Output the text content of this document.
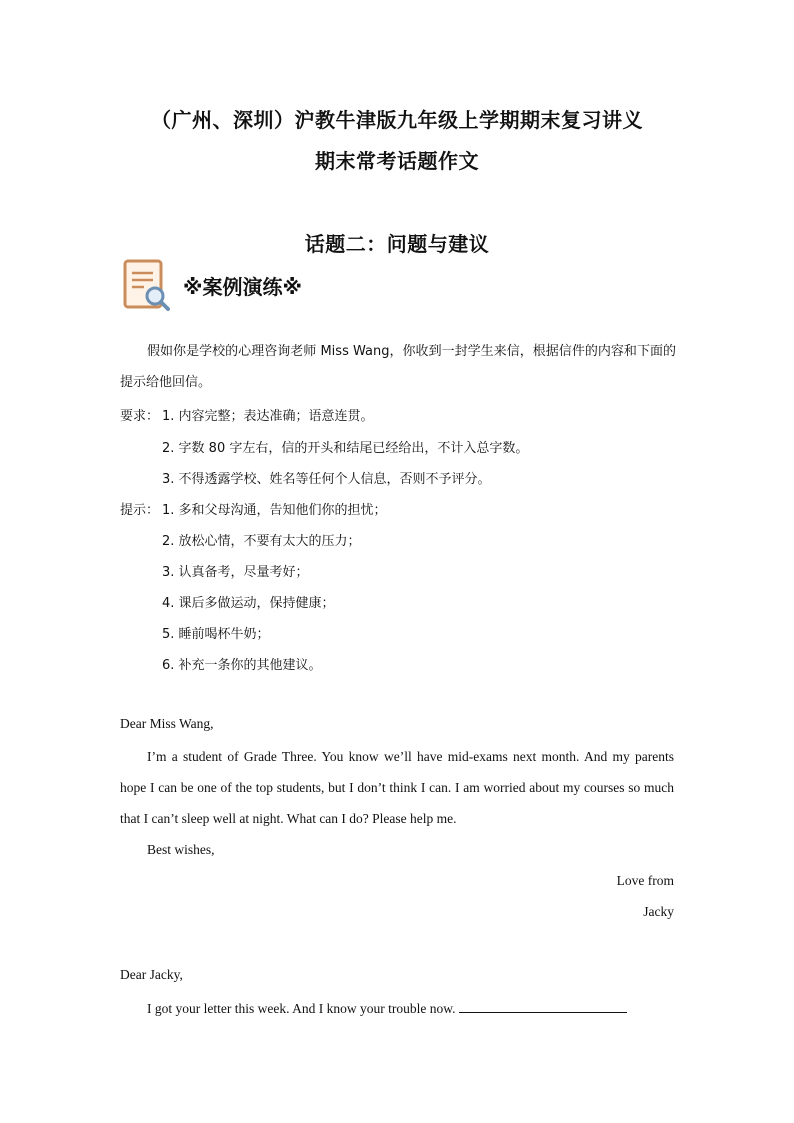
（广州、深圳）沪教牛津版九年级上学期期末复习讲义
期末常考话题作文
话题二：问题与建议
※案例演练※
假如你是学校的心理咨询老师 Miss Wang，你收到一封学生来信，根据信件的内容和下面的提示给他回信。
要求： 1. 内容完整；表达准确；语意连贯。
2. 字数 80 字左右，信的开头和结尾已经给出，不计入总字数。
3. 不得透露学校、姓名等任何个人信息，否则不予评分。
提示： 1. 多和父母沟通，告知他们你的担忧；
2. 放松心情，不要有太大的压力；
3. 认真备考，尽量考好；
4. 课后多做运动，保持健康；
5. 睡前喝杯牛奶；
6. 补充一条你的其他建议。
Dear Miss Wang,
I’m a student of Grade Three. You know we’ll have mid-exams next month. And my parents hope I can be one of the top students, but I don’t think I can. I am worried about my courses so much that I can’t sleep well at night. What can I do? Please help me.
Best wishes,
Love from
Jacky
Dear Jacky,
I got your letter this week. And I know your trouble now.
